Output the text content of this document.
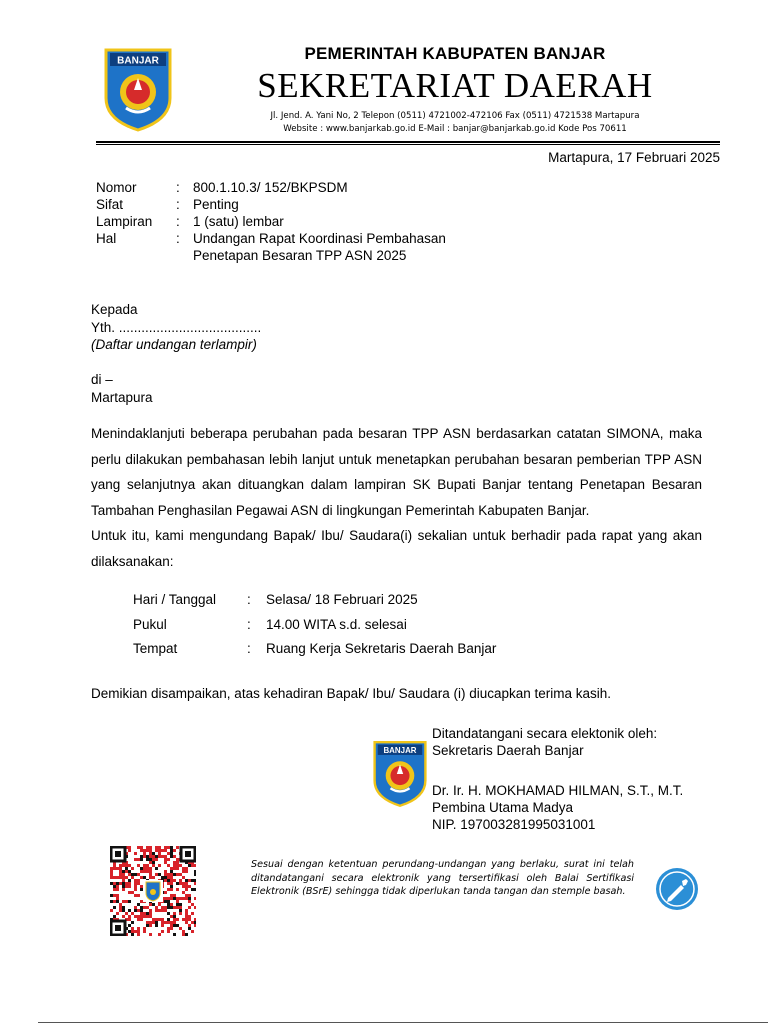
BANJAR	PEMERINTAH KABUPATEN BANJAR
SEKRETARIAT DAERAH
Jl. Jend. A. Yani No, 2 Telepon (0511) 4721002-472106 Fax (0511) 4721538 Martapura
Website : www.banjarkab.go.id E-Mail : banjar@banjarkab.go.id Kode Pos 70611
Martapura, 17 Februari 2025
Nomor	: 800.1.10.3/ 152/BKPSDM
Sifat	: Penting
Lampiran	: 1 (satu) lembar
Hal	: Undangan Rapat Koordinasi Pembahasan Penetapan Besaran TPP ASN 2025
Kepada
Yth. ......................................
(Daftar undangan terlampir)
di –
Martapura

Menindaklanjuti beberapa perubahan pada besaran TPP ASN berdasarkan catatan SIMONA, maka perlu dilakukan pembahasan lebih lanjut untuk menetapkan perubahan besaran pemberian TPP ASN yang selanjutnya akan dituangkan dalam lampiran SK Bupati Banjar tentang Penetapan Besaran Tambahan Penghasilan Pegawai ASN di lingkungan Pemerintah Kabupaten Banjar.

Untuk itu, kami mengundang Bapak/ Ibu/ Saudara(i) sekalian untuk berhadir pada rapat yang akan dilaksanakan:

Hari / Tanggal	:	Selasa/ 18 Februari 2025
Pukul	:	14.00 WITA s.d. selesai
Tempat	:	Ruang Kerja Sekretaris Daerah Banjar
Demikian disampaikan, atas kehadiran Bapak/ Ibu/ Saudara (i) diucapkan terima kasih.
BANJAR
Ditandatangani secara elektonik oleh:
Sekretaris Daerah Banjar
Dr. Ir. H. MOKHAMAD HILMAN, S.T., M.T.
Pembina Utama Madya
NIP. 197003281995031001
Sesuai dengan ketentuan perundang-undangan yang berlaku, surat ini telah ditandatangani secara elektronik yang tersertifikasi oleh Balai Sertifikasi Elektronik (BSrE) sehingga tidak diperlukan tanda tangan dan stemple basah.
